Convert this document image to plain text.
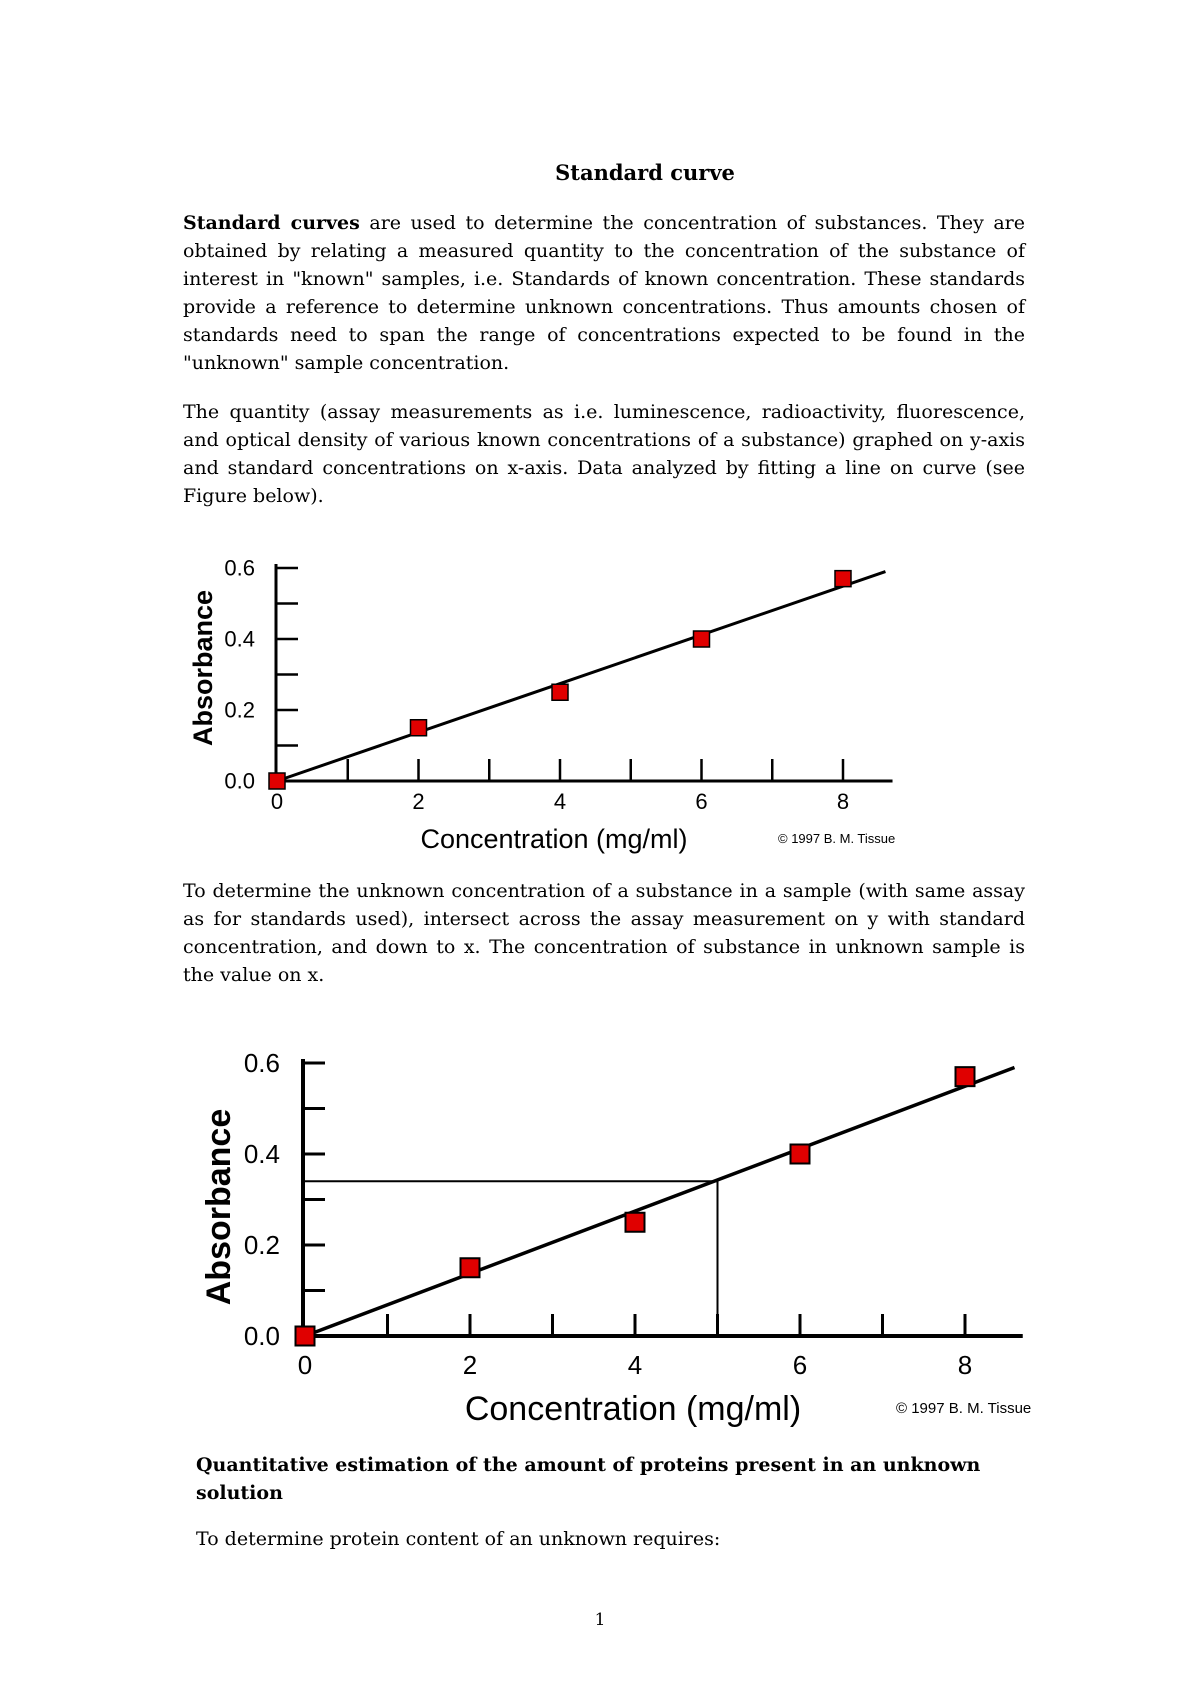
Standard curve
Standard curves are used to determine the concentration of substances. They are obtained by relating a measured quantity to the concentration of the substance of interest in "known" samples, i.e. Standards of known concentration. These standards provide a reference to determine unknown concentrations. Thus amounts chosen of standards need to span the range of concentrations expected to be found in the "unknown" sample concentration.
The quantity (assay measurements as i.e. luminescence, radioactivity, fluorescence, and optical density of various known concentrations of a substance) graphed on y-axis and standard concentrations on x-axis. Data analyzed by fitting a line on curve (see Figure below).
0.0
0.2
0.4
0.6
0	2	4	6	8
Concentration (mg/ml)
Absorbance
© 1997 B. M. Tissue
To determine the unknown concentration of a substance in a sample (with same assay as for standards used), intersect across the assay measurement on y with standard concentration, and down to x. The concentration of substance in unknown sample is the value on x.
0.0
0.2
0.4
0.6
0	2	4	6	8
Concentration (mg/ml)
Absorbance
© 1997 B. M. Tissue
Quantitative estimation of the amount of proteins present in an unknown solution
To determine protein content of an unknown requires:
1
